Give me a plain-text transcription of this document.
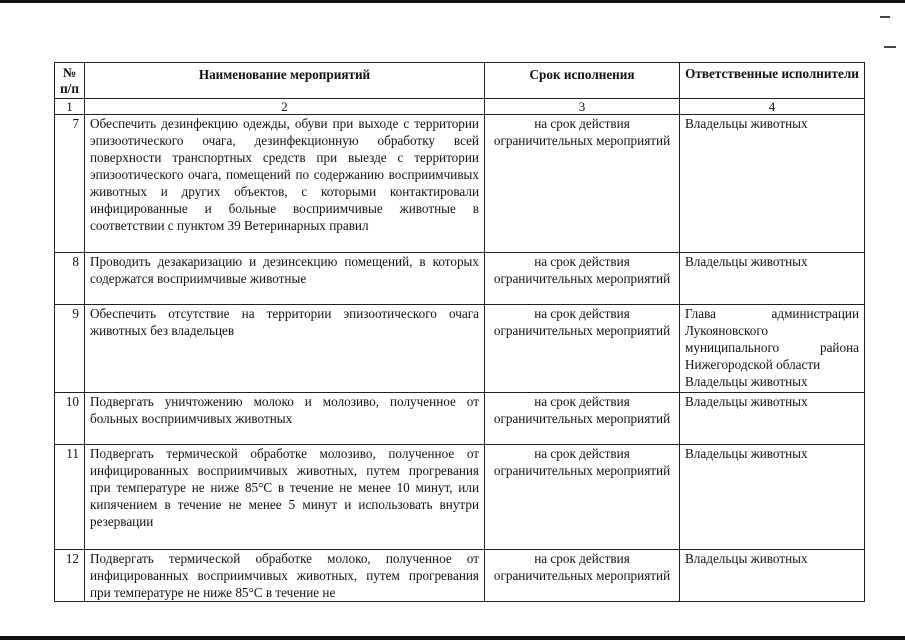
№
п/п	Наименование мероприятий	Срок исполнения	Ответственные исполнители
1	2	3	4
7	Обеспечить дезинфекцию одежды, обуви при выходе с территории эпизоотического очага, дезинфекционную обработку всей поверхности транспортных средств при выезде с территории эпизоотического очага, помещений по содержанию восприимчивых животных и других объектов, с которыми контактировали инфицированные и больные восприимчивые животные в соответствии с пунктом 39 Ветеринарных правил	на срок действия ограничительных мероприятий	Владельцы животных

8	Проводить дезакаризацию и дезинсекцию помещений, в которых содержатся восприимчивые животные	на срок действия ограничительных мероприятий	Владельцы животных

9	Обеспечить отсутствие на территории эпизоотического очага животных без владельцев	на срок действия ограничительных мероприятий	Глава администрации Лукояновского муниципального района Нижегородской области
Владельцы животных

10	Подвергать уничтожению молоко и молозиво, полученное от больных восприимчивых животных	на срок действия ограничительных мероприятий	Владельцы животных

11	Подвергать термической обработке молозиво, полученное от инфицированных восприимчивых животных, путем прогревания при температуре не ниже 85°С в течение не менее 10 минут, или кипячением в течение не менее 5 минут и использовать внутри резервации	на срок действия ограничительных мероприятий	Владельцы животных

12	Подвергать термической обработке молоко, полученное от инфицированных восприимчивых животных, путем прогревания при температуре не ниже 85°С в течение не	на срок действия ограничительных мероприятий	Владельцы животных
